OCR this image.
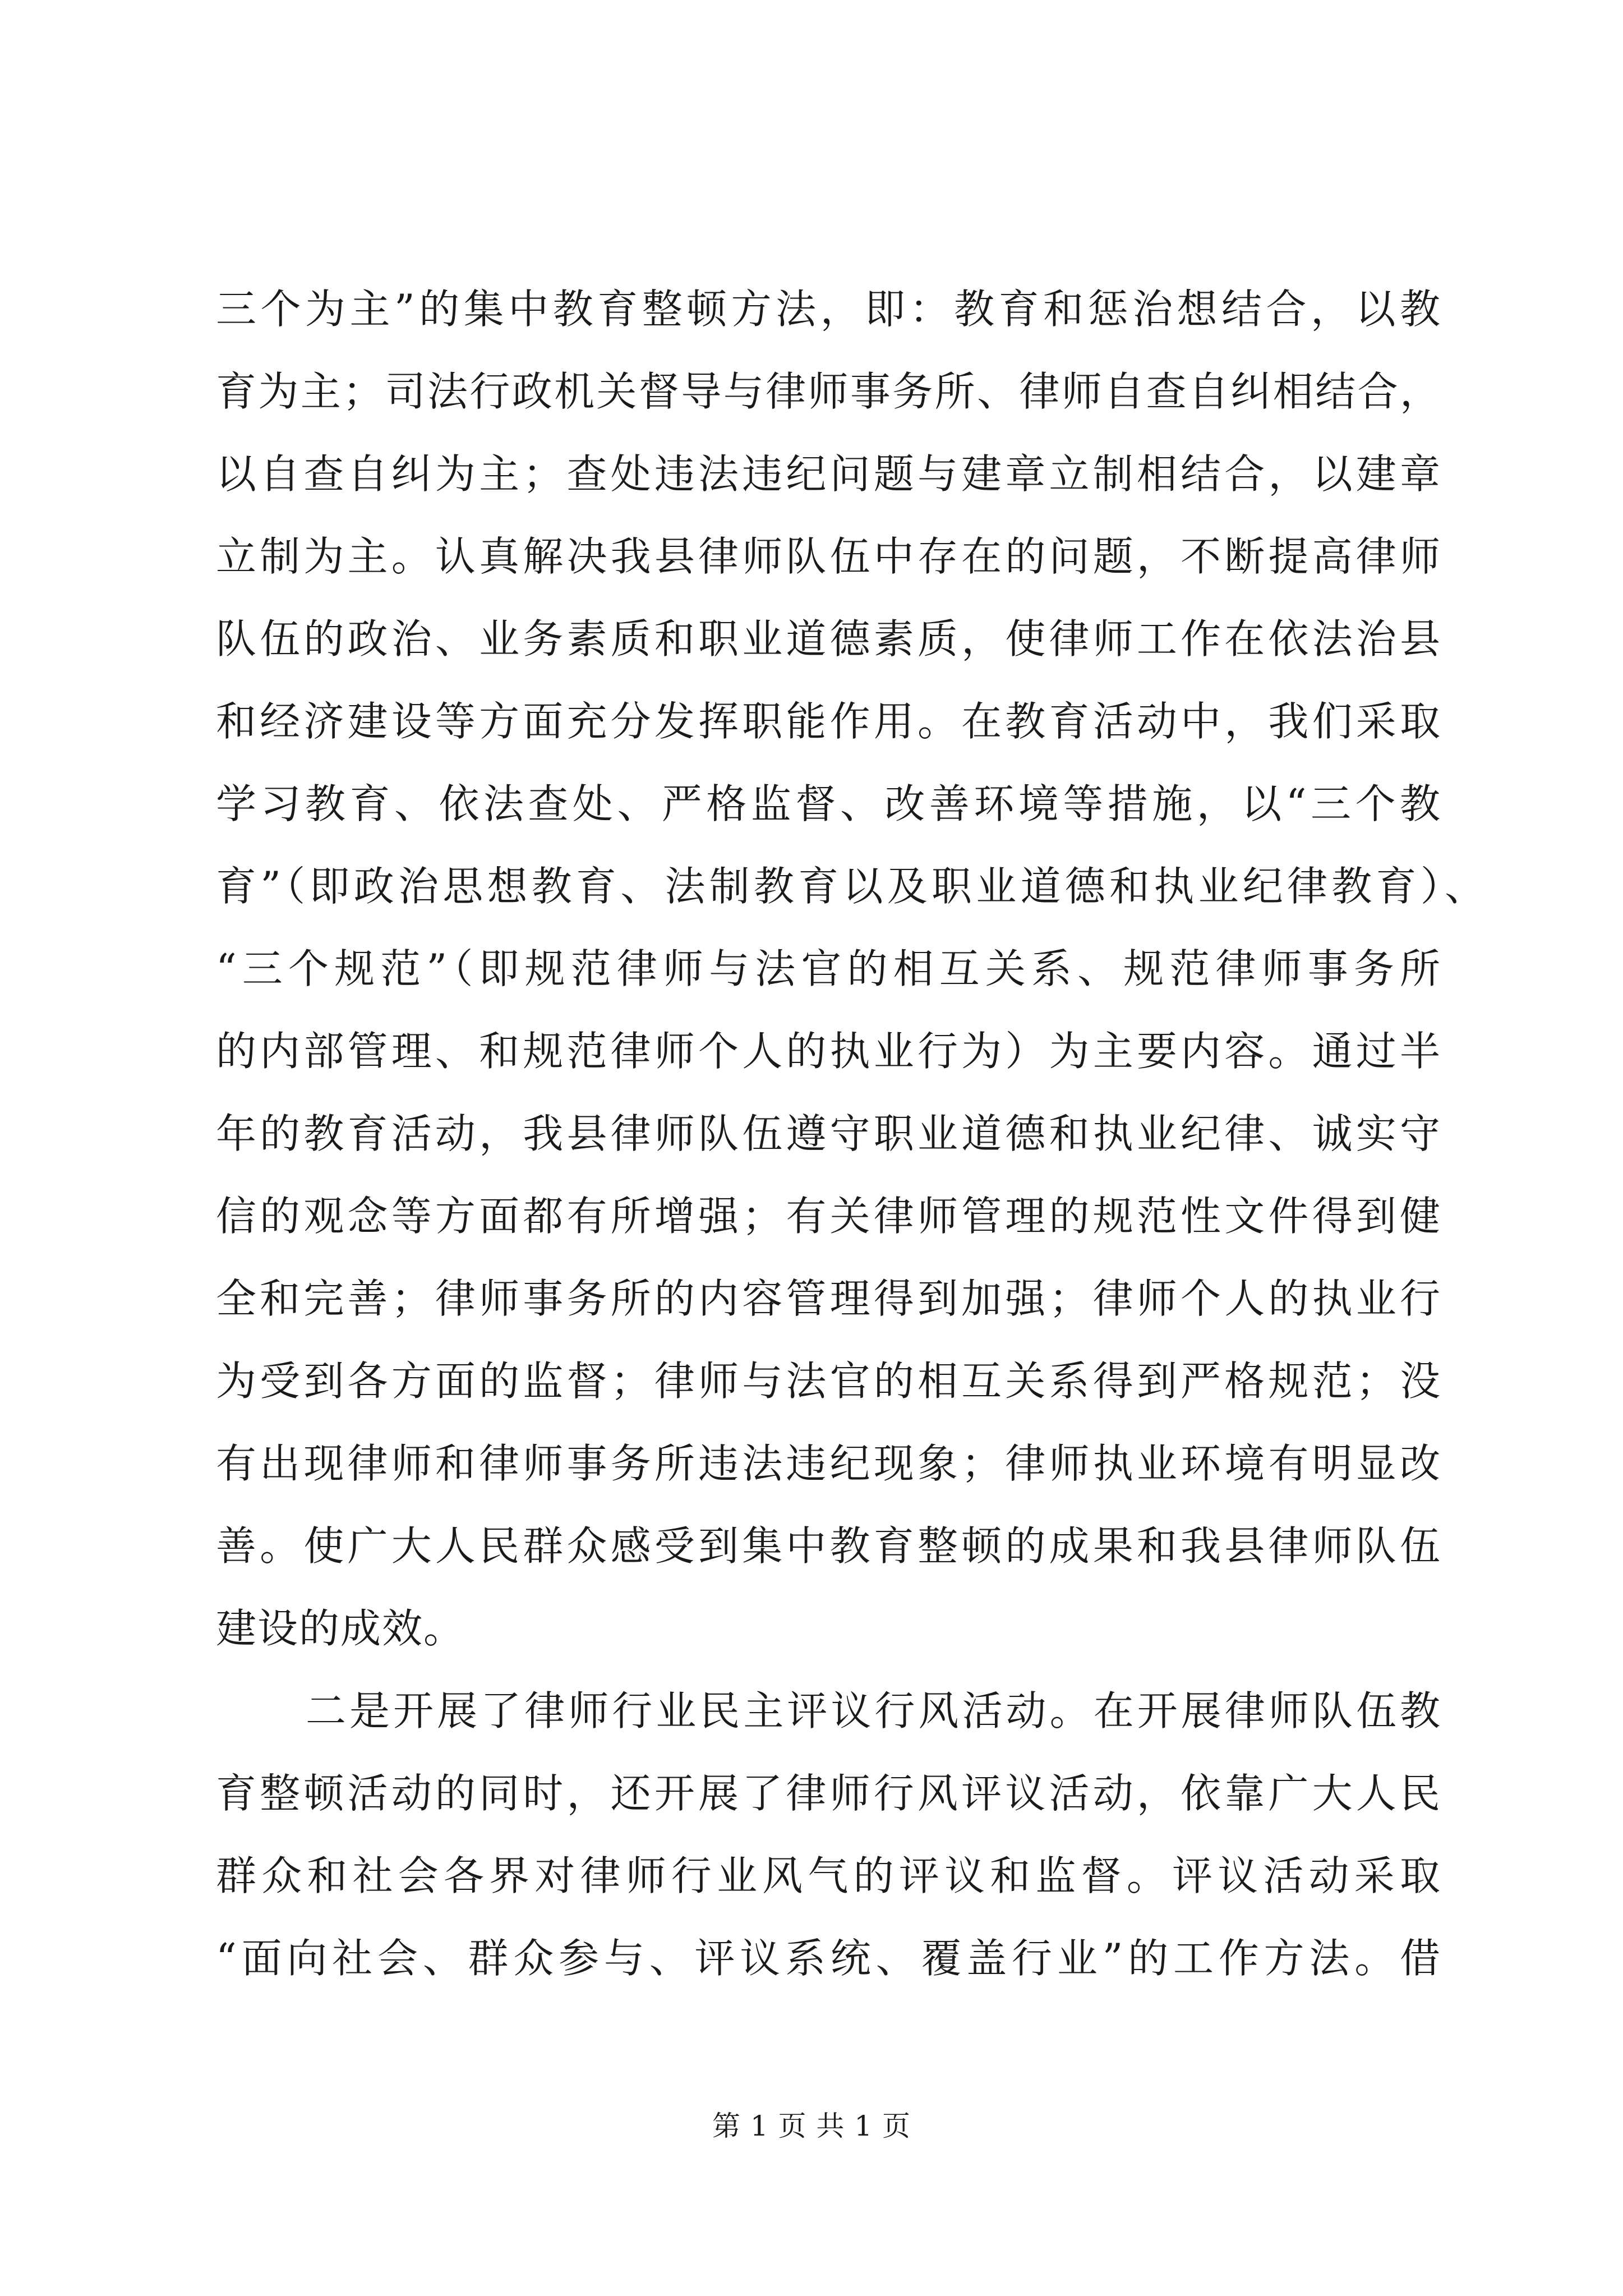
三个为主”的集中教育整顿方法，即：教育和惩治想结合，以教
育为主；司法行政机关督导与律师事务所、律师自查自纠相结合，
以自查自纠为主；查处违法违纪问题与建章立制相结合，以建章
立制为主。认真解决我县律师队伍中存在的问题，不断提高律师
队伍的政治、业务素质和职业道德素质，使律师工作在依法治县
和经济建设等方面充分发挥职能作用。在教育活动中，我们采取
学习教育、依法查处、严格监督、改善环境等措施，以“三个教
育”（即政治思想教育、法制教育以及职业道德和执业纪律教育）、
“三个规范”（即规范律师与法官的相互关系、规范律师事务所
的内部管理、和规范律师个人的执业行为）为主要内容。通过半
年的教育活动，我县律师队伍遵守职业道德和执业纪律、诚实守
信的观念等方面都有所增强；有关律师管理的规范性文件得到健
全和完善；律师事务所的内容管理得到加强；律师个人的执业行
为受到各方面的监督；律师与法官的相互关系得到严格规范；没
有出现律师和律师事务所违法违纪现象；律师执业环境有明显改
善。使广大人民群众感受到集中教育整顿的成果和我县律师队伍
建设的成效。
二是开展了律师行业民主评议行风活动。在开展律师队伍教
育整顿活动的同时，还开展了律师行风评议活动，依靠广大人民
群众和社会各界对律师行业风气的评议和监督。评议活动采取
“面向社会、群众参与、评议系统、覆盖行业”的工作方法。借
第 1 页 共 1 页
